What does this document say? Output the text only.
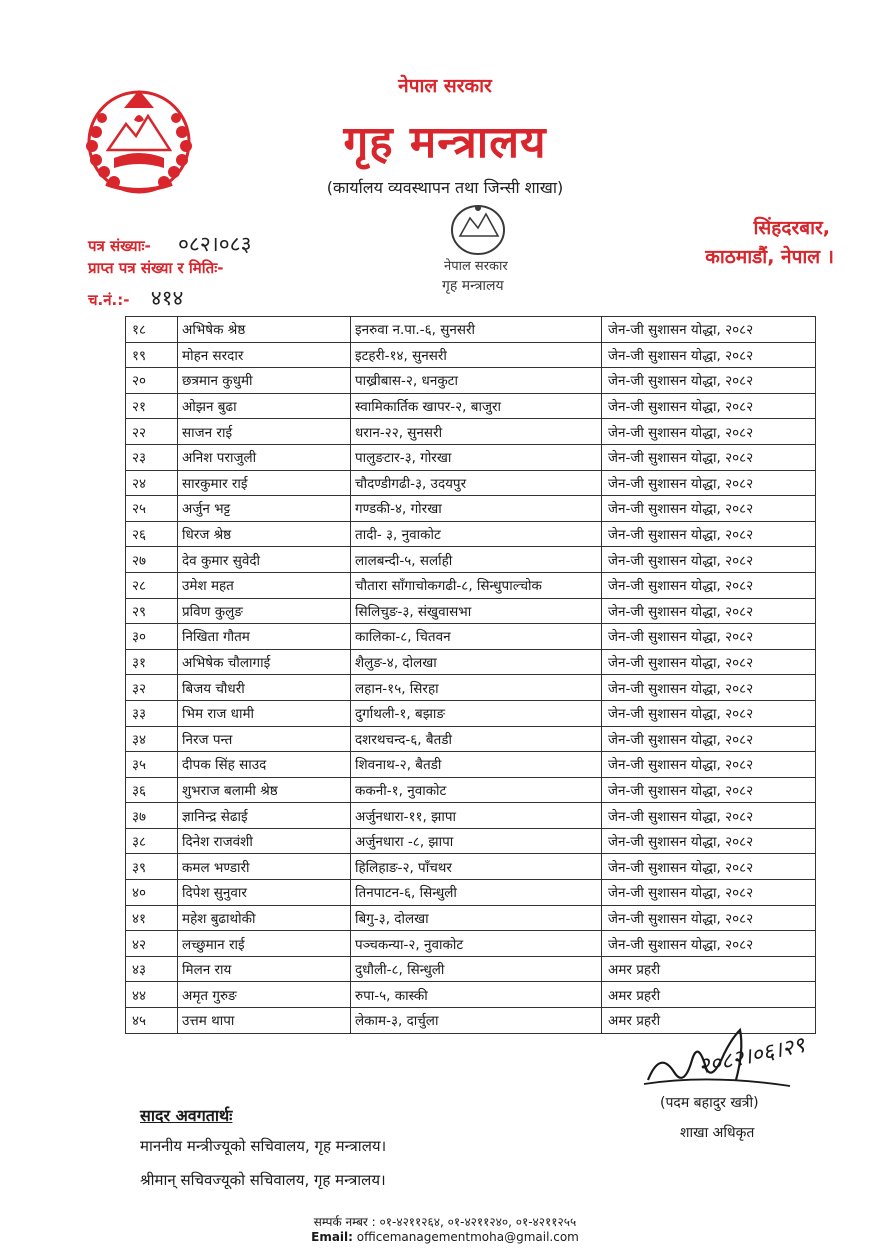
नेपाल सरकार
गृह मन्त्रालय
(कार्यालय व्यवस्थापन तथा जिन्सी शाखा)
नेपाल सरकार
गृह मन्त्रालय
सिंहदरबार,
काठमाडौं, नेपाल ।
पत्र संख्याः- ०८२।०८३
प्राप्त पत्र संख्या र मितिः-
च.नं.:- ४१४
१८	अभिषेक श्रेष्ठ	इनरुवा न.पा.-६, सुनसरी	जेन-जी सुशासन योद्धा, २०८२
१९	मोहन सरदार	इटहरी-१४, सुनसरी	जेन-जी सुशासन योद्धा, २०८२
२०	छत्रमान कुधुमी	पाख्रीबास-२, धनकुटा	जेन-जी सुशासन योद्धा, २०८२
२१	ओझन बुढा	स्वामिकार्तिक खापर-२, बाजुरा	जेन-जी सुशासन योद्धा, २०८२
२२	साजन राई	धरान-२२, सुनसरी	जेन-जी सुशासन योद्धा, २०८२
२३	अनिश पराजुली	पालुङटार-३, गोरखा	जेन-जी सुशासन योद्धा, २०८२
२४	सारकुमार राई	चौदण्डीगढी-३, उदयपुर	जेन-जी सुशासन योद्धा, २०८२
२५	अर्जुन भट्ट	गण्डकी-४, गोरखा	जेन-जी सुशासन योद्धा, २०८२
२६	धिरज श्रेष्ठ	तादी- ३, नुवाकोट	जेन-जी सुशासन योद्धा, २०८२
२७	देव कुमार सुवेदी	लालबन्दी-५, सर्लाही	जेन-जी सुशासन योद्धा, २०८२
२८	उमेश महत	चौतारा साँगाचोकगढी-८, सिन्धुपाल्चोक	जेन-जी सुशासन योद्धा, २०८२
२९	प्रविण कुलुङ	सिलिचुङ-३, संखुवासभा	जेन-जी सुशासन योद्धा, २०८२
३०	निखिता गौतम	कालिका-८, चितवन	जेन-जी सुशासन योद्धा, २०८२
३१	अभिषेक चौलागाई	शैलुङ-४, दोलखा	जेन-जी सुशासन योद्धा, २०८२
३२	बिजय चौधरी	लहान-१५, सिरहा	जेन-जी सुशासन योद्धा, २०८२
३३	भिम राज धामी	दुर्गाथली-१, बझाङ	जेन-जी सुशासन योद्धा, २०८२
३४	निरज पन्त	दशरथचन्द-६, बैतडी	जेन-जी सुशासन योद्धा, २०८२
३५	दीपक सिंह साउद	शिवनाथ-२, बैतडी	जेन-जी सुशासन योद्धा, २०८२
३६	शुभराज बलामी श्रेष्ठ	ककनी-१, नुवाकोट	जेन-जी सुशासन योद्धा, २०८२
३७	ज्ञानिन्द्र सेढाई	अर्जुनधारा-११, झापा	जेन-जी सुशासन योद्धा, २०८२
३८	दिनेश राजवंशी	अर्जुनधारा -८, झापा	जेन-जी सुशासन योद्धा, २०८२
३९	कमल भण्डारी	हिलिहाङ-२, पाँचथर	जेन-जी सुशासन योद्धा, २०८२
४०	दिपेश सुनुवार	तिनपाटन-६, सिन्धुली	जेन-जी सुशासन योद्धा, २०८२
४१	महेश बुढाथोकी	बिगु-३, दोलखा	जेन-जी सुशासन योद्धा, २०८२
४२	लच्छुमान राई	पञ्चकन्या-२, नुवाकोट	जेन-जी सुशासन योद्धा, २०८२
४३	मिलन राय	दुधौली-८, सिन्धुली	अमर प्रहरी
४४	अमृत गुरुङ	रुपा-५, कास्की	अमर प्रहरी
४५	उत्तम थापा	लेकाम-३, दार्चुला	अमर प्रहरी
२०८२।०६।२९
(पदम बहादुर खत्री)
शाखा अधिकृत
सादर अवगतार्थः
माननीय मन्त्रीज्यूको सचिवालय, गृह मन्त्रालय।
श्रीमान् सचिवज्यूको सचिवालय, गृह मन्त्रालय।
सम्पर्क नम्बर : ०१-४२११२६४, ०१-४२११२४०, ०१-४२११२५५
Email: officemanagementmoha@gmail.com
